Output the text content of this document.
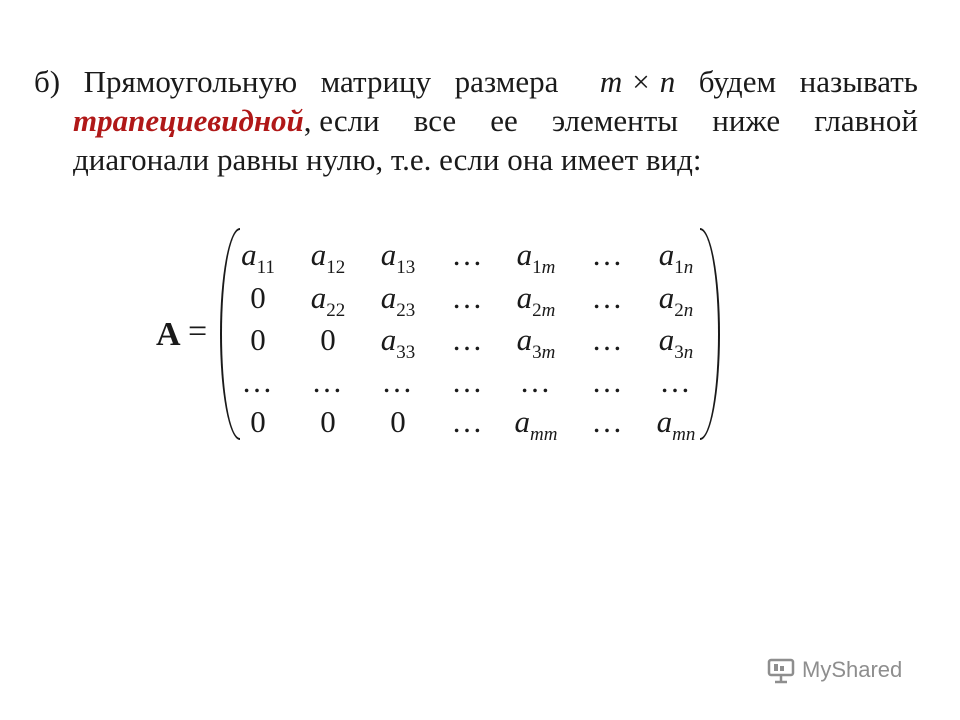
б) Прямоугольную матрицу размера	m × n будем называть
трапециевидной, если все ее элементы ниже главной
диагонали равны нулю, т.е. если она имеет вид:
A =
$a_{11}$	$a_{12}$	$a_{13}$	…	$a_{1m}$	…	$a_{1n}$
0	$a_{22}$	$a_{23}$	…	$a_{2m}$	…	$a_{2n}$
0	0	$a_{33}$	…	$a_{3m}$	…	$a_{3n}$
…	…	…	…	…	…	…
0	0	0	… $a_{mm}$	…	$a_{mn}$
MyShared
